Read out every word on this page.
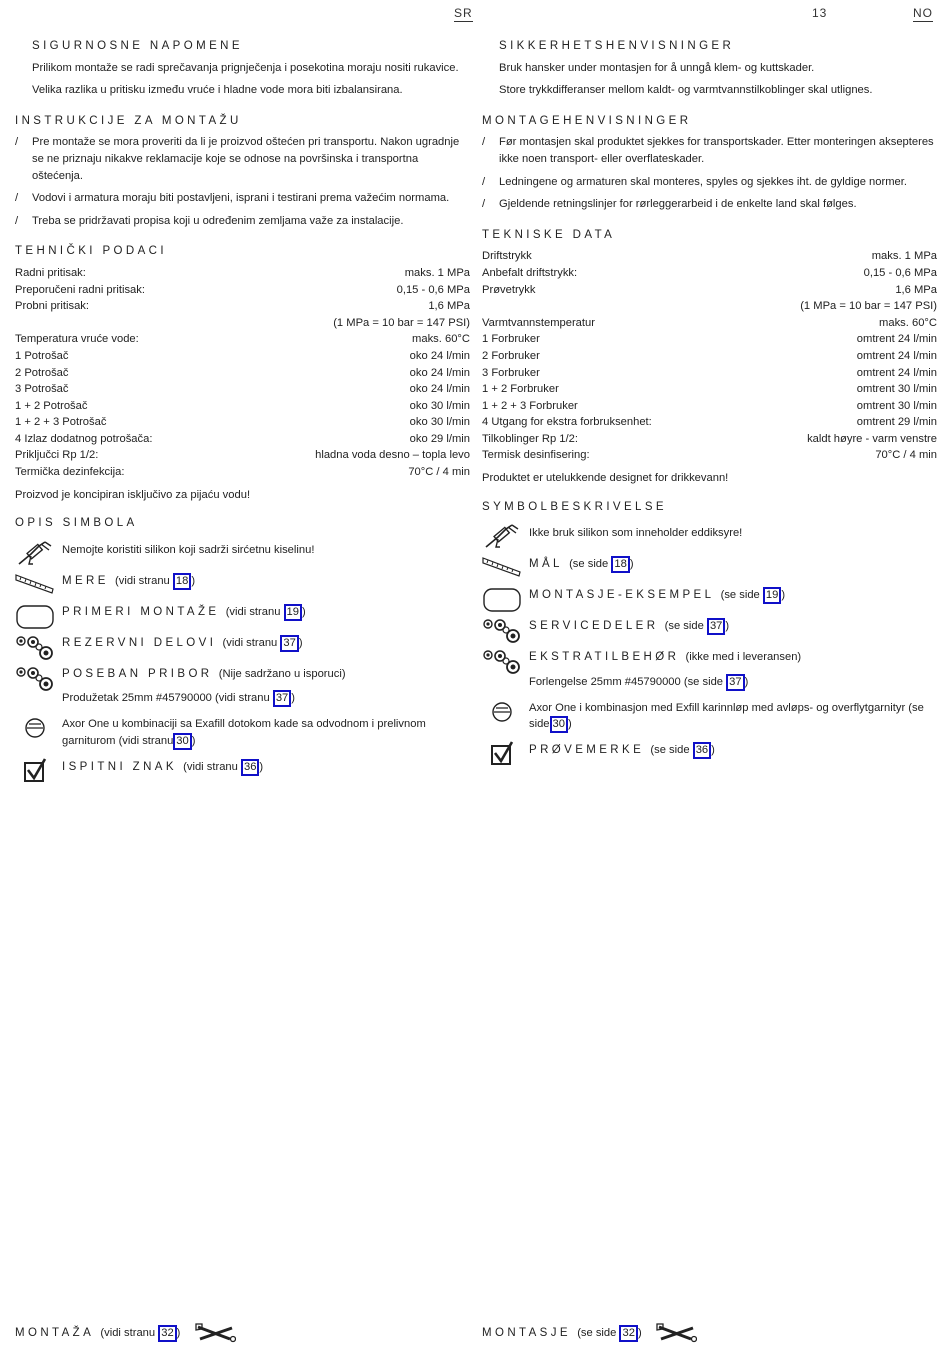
SR	13	NO
SIGURNOSNE NAPOMENE
Prilikom montaže se radi sprečavanja prignječenja i posekotina moraju nositi rukavice.
Velika razlika u pritisku između vruće i hladne vode mora biti izbalansirana.
INSTRUKCIJE ZA MONTAŽU
/ Pre montaže se mora proveriti da li je proizvod oštećen pri transportu. Nakon ugradnje se ne priznaju nikakve reklamacije koje se odnose na površinska i transportna oštećenja.
/ Vodovi i armatura moraju biti postavljeni, isprani i testirani prema važećim normama.
/ Treba se pridržavati propisa koji u određenim zemljama važe za instalacije.
TEHNIČKI PODACI
Radni pritisak:	maks. 1 MPa
Preporučeni radni pritisak:	0,15 - 0,6 MPa
Probni pritisak:	1,6 MPa
	(1 MPa = 10 bar = 147 PSI)
Temperatura vruće vode:	maks. 60°C
1 Potrošač	oko 24 l/min
2 Potrošač	oko 24 l/min
3 Potrošač	oko 24 l/min
1 + 2 Potrošač	oko 30 l/min
1 + 2 + 3 Potrošač	oko 30 l/min
4 Izlaz dodatnog potrošača:	oko 29 l/min
Priključci Rp 1/2:	hladna voda desno – topla levo
Termička dezinfekcija:	70°C / 4 min
Proizvod je koncipiran isključivo za pijaću vodu!
OPIS SIMBOLA
Nemojte koristiti silikon koji sadrži sirćetnu kiselinu!
MERE (vidi stranu 18 )
PRIMERI MONTAŽE (vidi stranu 19 )
REZERVNI DELOVI (vidi stranu 37 )
POSEBAN PRIBOR (Nije sadržano u isporuci)
Produžetak 25mm #45790000 (vidi stranu 37 )
Axor One u kombinaciji sa Exafill dotokom kade sa odvodnom i prelivnom garniturom (vidi stranu 30 )
ISPITNI ZNAK (vidi stranu 36 )
SIKKERHETSHENVISNINGER
Bruk hansker under montasjen for å unngå klem- og kuttskader.
Store trykkdifferanser mellom kaldt- og varmtvannstilkoblinger skal utlignes.
MONTAGEHENVISNINGER
/ Før montasjen skal produktet sjekkes for transportskader. Etter monteringen aksepteres ikke noen transport- eller overflateskader.
/ Ledningene og armaturen skal monteres, spyles og sjekkes iht. de gyldige normer.
/ Gjeldende retningslinjer for rørleggerarbeid i de enkelte land skal følges.
TEKNISKE DATA
Driftstrykk	maks. 1 MPa
Anbefalt driftstrykk:	0,15 - 0,6 MPa
Prøvetrykk	1,6 MPa
	(1 MPa = 10 bar = 147 PSI)
Varmtvannstemperatur	maks. 60°C
1 Forbruker	omtrent 24 l/min
2 Forbruker	omtrent 24 l/min
3 Forbruker	omtrent 24 l/min
1 + 2 Forbruker	omtrent 30 l/min
1 + 2 + 3 Forbruker	omtrent 30 l/min
4 Utgang for ekstra forbruksenhet:	omtrent 29 l/min
Tilkoblinger Rp 1/2:	kaldt høyre - varm venstre
Termisk desinfisering:	70°C / 4 min
Produktet er utelukkende designet for drikkevann!
SYMBOLBESKRIVELSE
Ikke bruk silikon som inneholder eddiksyre!
MÅL (se side 18 )
MONTASJE-EKSEMPEL (se side 19 )
SERVICEDELER (se side 37 )
EKSTRATILBEHØR (ikke med i leveransen)
Forlengelse 25mm #45790000 (se side 37 )
Axor One i kombinasjon med Exfill karinnløp med avløps- og overflytgarnityr (se side 30 )
PRØVEMERKE (se side 36 )
MONTAŽA (vidi stranu 32 )	MONTASJE (se side 32 )
